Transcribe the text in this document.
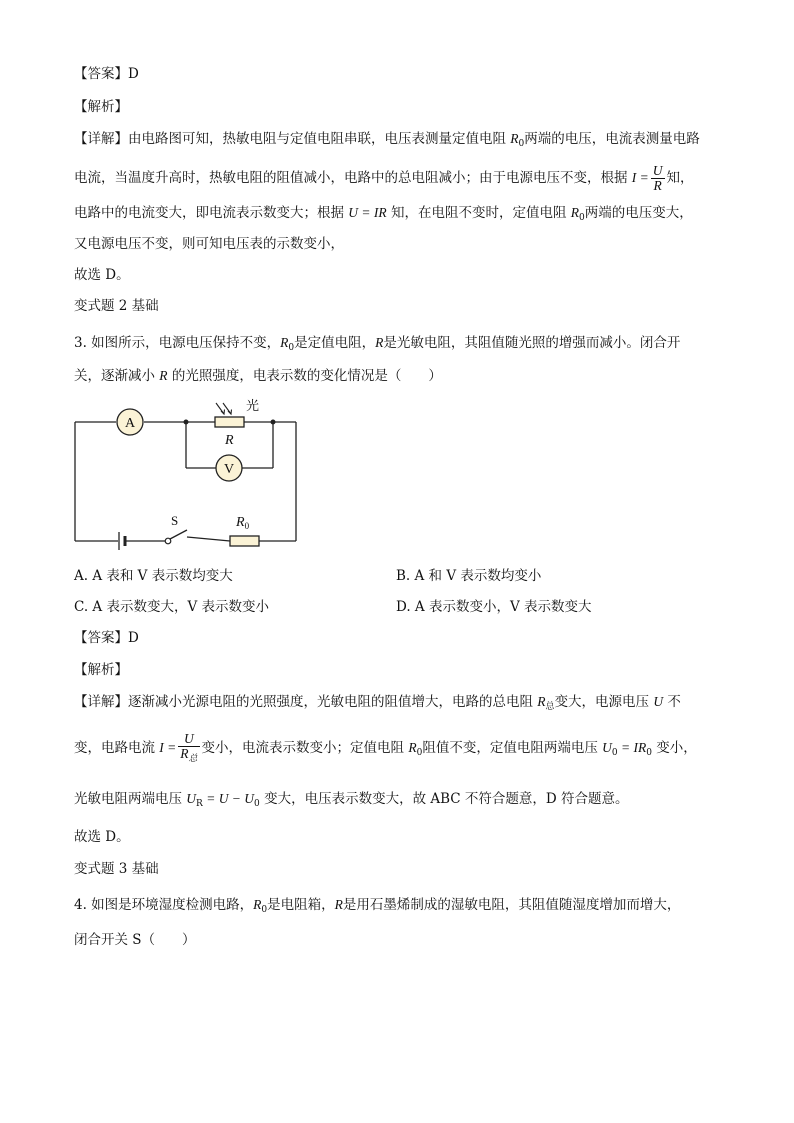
【答案】D
【解析】
【详解】由电路图可知，热敏电阻与定值电阻串联，电压表测量定值电阻 $R_0$两端的电压，电流表测量电路
电流，当温度升高时，热敏电阻的阻值减小，电路中的总电阻减小；由于电源电压不变，根据 $I = \frac{U}{R}$ 知，
电路中的电流变大，即电流表示数变大；根据 U = IR 知，在电阻不变时，定值电阻 $R_0$两端的电压变大，
又电源电压不变，则可知电压表的示数变小，
故选 D。
变式题 2 基础
3. 如图所示，电源电压保持不变，$R_0$是定值电阻，R是光敏电阻，其阻值随光照的增强而减小。闭合开
关，逐渐减小 R 的光照强度，电表示数的变化情况是（　　）
A
光
R
V
S	$R_0$
A. A 表和 V 表示数均变大	B. A 和 V 表示数均变小
C. A 表示数变大，V 表示数变小	D. A 表示数变小，V 表示数变大
【答案】D
【解析】
【详解】逐渐减小光源电阻的光照强度，光敏电阻的阻值增大，电路的总电阻 $R_总$变大，电源电压 U 不
变，电路电流 $I = \frac{U}{R_总}$ 变小，电流表示数变小；定值电阻 $R_0$阻值不变，定值电阻两端电压 $U_0 = IR_0$ 变小，
光敏电阻两端电压 $U_R = U - U_0$ 变大，电压表示数变大，故 ABC 不符合题意，D 符合题意。
故选 D。
变式题 3 基础
4. 如图是环境湿度检测电路，$R_0$是电阻箱，R是用石墨烯制成的湿敏电阻，其阻值随湿度增加而增大，
闭合开关 S（　　）
